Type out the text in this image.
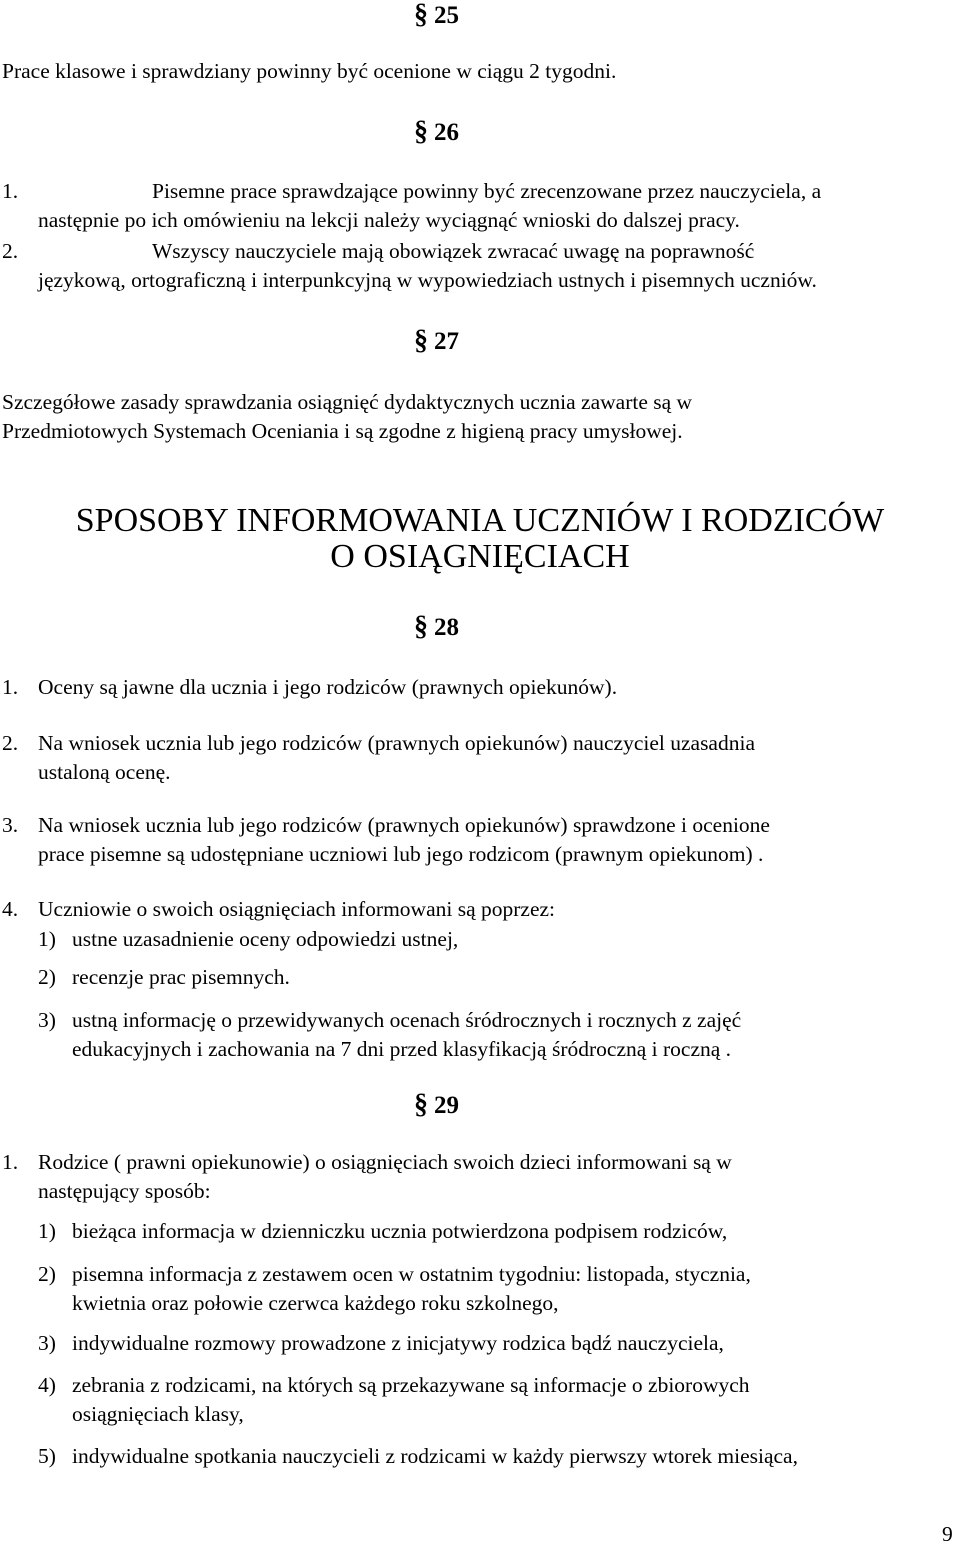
§ 25
Prace klasowe i sprawdziany powinny być ocenione w ciągu 2 tygodni.
§ 26
1.	Pisemne prace sprawdzające powinny być zrecenzowane przez nauczyciela, a
następnie po ich omówieniu na lekcji należy wyciągnąć wnioski do dalszej pracy.
2.	Wszyscy nauczyciele mają obowiązek zwracać uwagę na poprawność
językową, ortograficzną i interpunkcyjną w wypowiedziach ustnych i pisemnych uczniów.
§ 27
Szczegółowe zasady sprawdzania osiągnięć dydaktycznych ucznia zawarte są w
Przedmiotowych Systemach Oceniania i są zgodne z higieną pracy umysłowej.
SPOSOBY INFORMOWANIA UCZNIÓW I RODZICÓW
O OSIĄGNIĘCIACH
§ 28
1. Oceny są jawne dla ucznia i jego rodziców (prawnych opiekunów).
2. Na wniosek ucznia lub jego rodziców (prawnych opiekunów) nauczyciel uzasadnia
ustaloną ocenę.
3. Na wniosek ucznia lub jego rodziców (prawnych opiekunów) sprawdzone i ocenione
prace pisemne są udostępniane uczniowi lub jego rodzicom (prawnym opiekunom) .
4. Uczniowie o swoich osiągnięciach informowani są poprzez:
1) ustne uzasadnienie oceny odpowiedzi ustnej,
2) recenzje prac pisemnych.
3) ustną informację o przewidywanych ocenach śródrocznych i rocznych z zajęć
edukacyjnych i zachowania na 7 dni przed klasyfikacją śródroczną i roczną .
§ 29
1. Rodzice ( prawni opiekunowie) o osiągnięciach swoich dzieci informowani są w
następujący sposób:
1) bieżąca informacja w dzienniczku ucznia potwierdzona podpisem rodziców,
2) pisemna informacja z zestawem ocen w ostatnim tygodniu: listopada, stycznia,
kwietnia oraz połowie czerwca każdego roku szkolnego,
3) indywidualne rozmowy prowadzone z inicjatywy rodzica bądź nauczyciela,
4) zebrania z rodzicami, na których są przekazywane są informacje o zbiorowych
osiągnięciach klasy,
5) indywidualne spotkania nauczycieli z rodzicami w każdy pierwszy wtorek miesiąca,
9
